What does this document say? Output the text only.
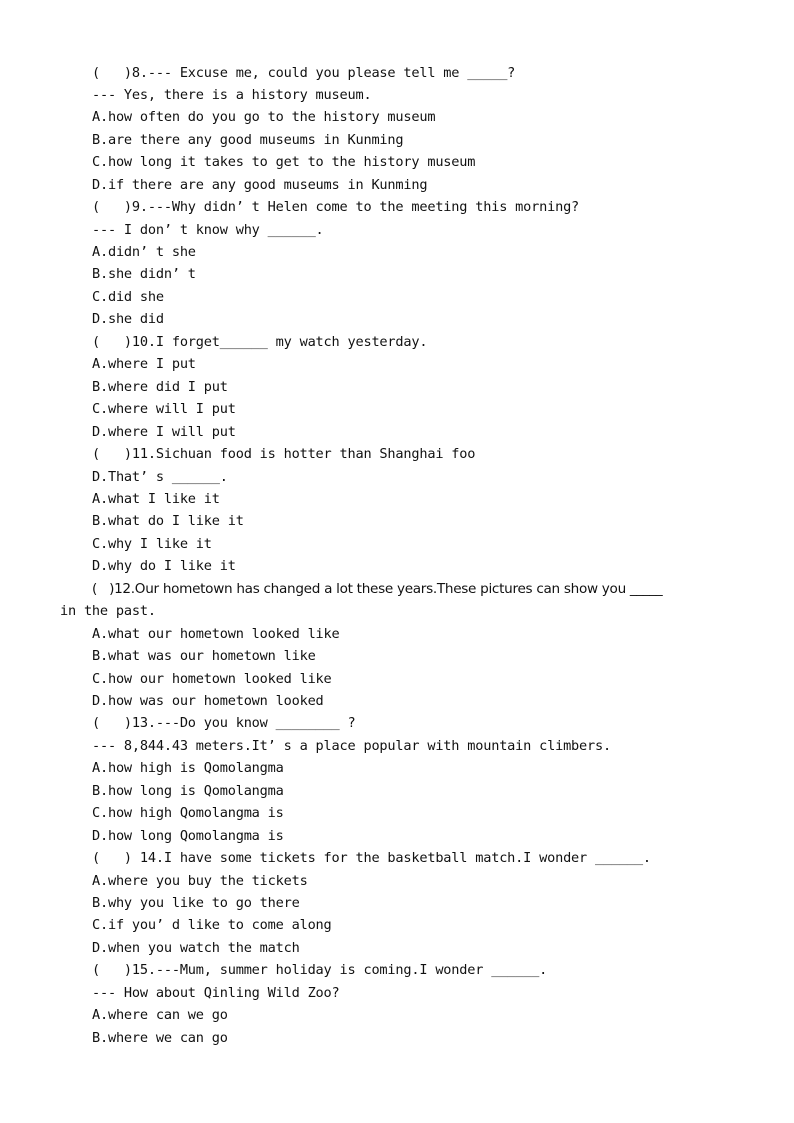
(   )8.--- Excuse me, could you please tell me _____?
--- Yes, there is a history museum.
A.how often do you go to the history museum
B.are there any good museums in Kunming
C.how long it takes to get to the history museum
D.if there are any good museums in Kunming
(   )9.---Why didn’ t Helen come to the meeting this morning?
--- I don’ t know why ______.
A.didn’ t she
B.she didn’ t
C.did she
D.she did
(   )10.I forget______ my watch yesterday.
A.where I put
B.where did I put
C.where will I put
D.where I will put
(   )11.Sichuan food is hotter than Shanghai foo
D.That’ s ______.
A.what I like it
B.what do I like it
C.why I like it
D.why do I like it
(   )12.Our hometown has changed a lot these years.These pictures can show you _____
in the past.
A.what our hometown looked like
B.what was our hometown like
C.how our hometown looked like
D.how was our hometown looked
(   )13.---Do you know ________ ?
--- 8,844.43 meters.It’ s a place popular with mountain climbers.
A.how high is Qomolangma
B.how long is Qomolangma
C.how high Qomolangma is
D.how long Qomolangma is
(   ) 14.I have some tickets for the basketball match.I wonder ______.
A.where you buy the tickets
B.why you like to go there
C.if you’ d like to come along
D.when you watch the match
(   )15.---Mum, summer holiday is coming.I wonder ______.
--- How about Qinling Wild Zoo?
A.where can we go
B.where we can go
